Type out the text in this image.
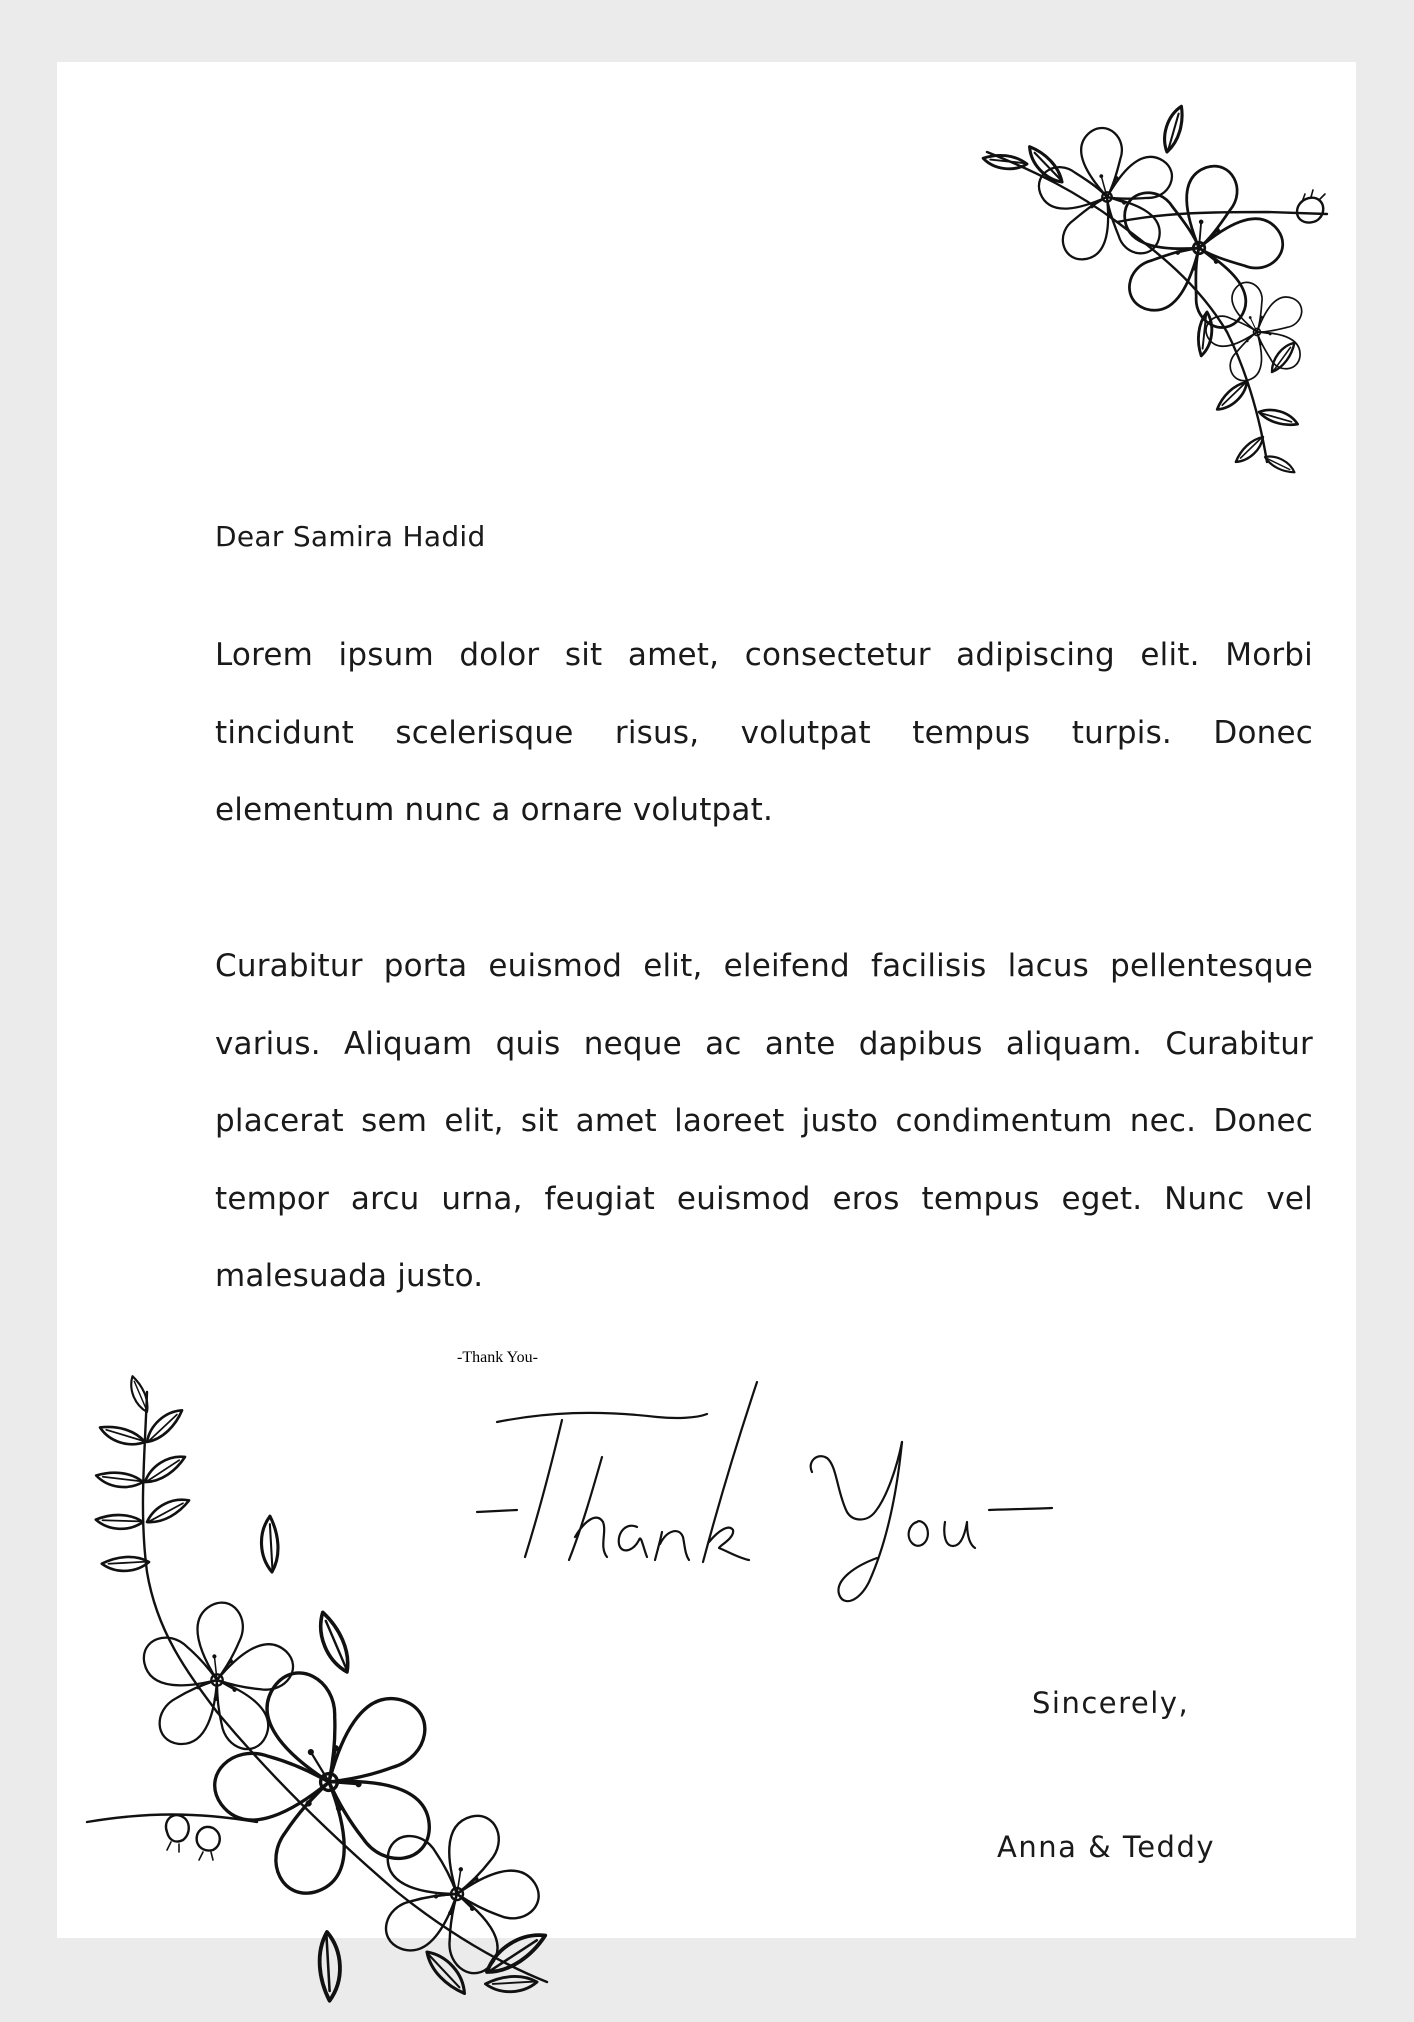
Dear Samira Hadid

Lorem ipsum dolor sit amet, consectetur adipiscing elit. Morbi tincidunt scelerisque risus, volutpat tempus turpis. Donec elementum nunc a ornare volutpat.

Curabitur porta euismod elit, eleifend facilisis lacus pellentesque varius. Aliquam quis neque ac ante dapibus aliquam. Curabitur placerat sem elit, sit amet laoreet justo condimentum nec. Donec tempor arcu urna, feugiat euismod eros tempus eget. Nunc vel malesuada justo.

-Thank You-
Sincerely,
Anna & Teddy
